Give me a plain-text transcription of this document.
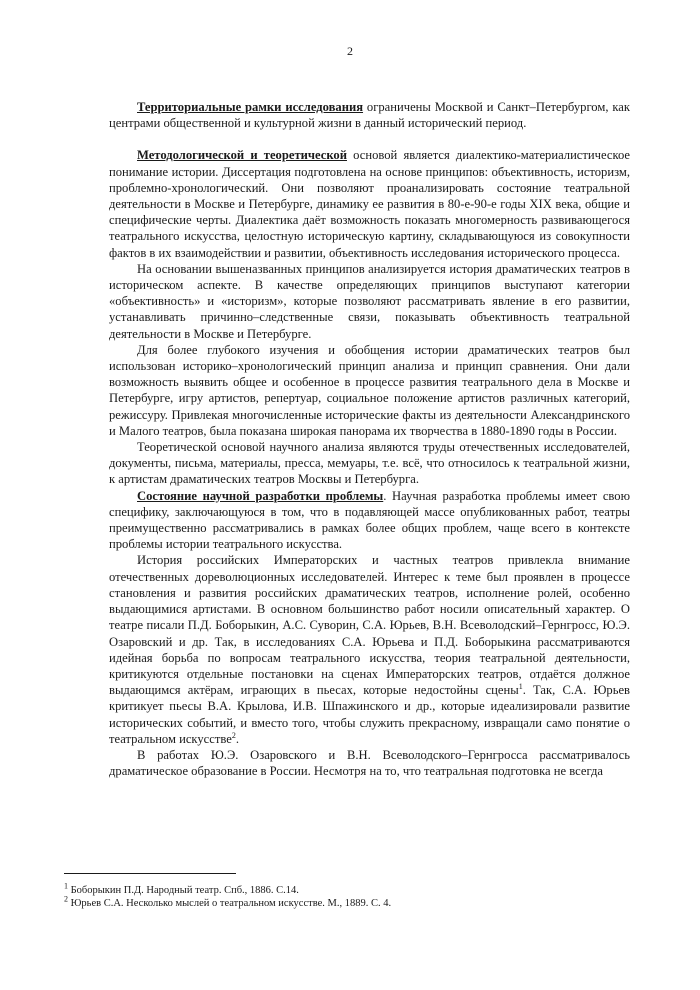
2

Территориальные рамки исследования ограничены Москвой и Санкт–Петербургом, как центрами общественной и культурной жизни в данный исторический период.

Методологической и теоретической основой является диалектико-материалистическое понимание истории. Диссертация подготовлена на основе принципов: объективность, историзм, проблемно-хронологический. Они позволяют проанализировать состояние театральной деятельности в Москве и Петербурге, динамику ее развития в 80-е-90-е годы XIX века, общие и специфические черты. Диалектика даёт возможность показать многомерность развивающегося театрального искусства, целостную историческую картину, складывающуюся из совокупности фактов в их взаимодействии и развитии, объективность исследования исторического процесса.

На основании вышеназванных принципов анализируется история драматических театров в историческом аспекте. В качестве определяющих принципов выступают категории «объективность» и «историзм», которые позволяют рассматривать явление в его развитии, устанавливать причинно–следственные связи, показывать объективность театральной деятельности в Москве и Петербурге.

Для более глубокого изучения и обобщения истории драматических театров был использован историко–хронологический принцип анализа и принцип сравнения. Они дали возможность выявить общее и особенное в процессе развития театрального дела в Москве и Петербурге, игру артистов, репертуар, социальное положение артистов различных категорий, режиссуру. Привлекая многочисленные исторические факты из деятельности Александринского и Малого театров, была показана широкая панорама их творчества в 1880-1890 годы в России.

Теоретической основой научного анализа являются труды отечественных исследователей, документы, письма, материалы, пресса, мемуары, т.е. всё, что относилось к театральной жизни, к артистам драматических театров Москвы и Петербурга.

Состояние научной разработки проблемы. Научная разработка проблемы имеет свою специфику, заключающуюся в том, что в подавляющей массе опубликованных работ, театры преимущественно рассматривались в рамках более общих проблем, чаще всего в контексте проблемы истории театрального искусства.

История российских Императорских и частных театров привлекла внимание отечественных дореволюционных исследователей. Интерес к теме был проявлен в процессе становления и развития российских драматических театров, исполнение ролей, особенно выдающимися артистами. В основном большинство работ носили описательный характер. О театре писали П.Д. Боборыкин, А.С. Суворин, С.А. Юрьев, В.Н. Всеволодский–Гернгросс, Ю.Э. Озаровский и др. Так, в исследованиях С.А. Юрьева и П.Д. Боборыкина рассматриваются идейная борьба по вопросам театрального искусства, теория театральной деятельности, критикуются отдельные постановки на сценах Императорских театров, отдаётся должное выдающимся актёрам, играющих в пьесах, которые недостойны сцены$^1$. Так, С.А. Юрьев критикует пьесы В.А. Крылова, И.В. Шпажинского и др., которые идеализировали развитие исторических событий, и вместо того, чтобы служить прекрасному, извращали само понятие о театральном искусстве$^2$.

В работах Ю.Э. Озаровского и В.Н. Всеволодского–Гернгросса рассматривалось драматическое образование в России. Несмотря на то, что театральная подготовка не всегда

$^1$ Боборыкин П.Д. Народный театр. Спб., 1886. С.14.

$^2$ Юрьев С.А. Несколько мыслей о театральном искусстве. М., 1889. С. 4.
